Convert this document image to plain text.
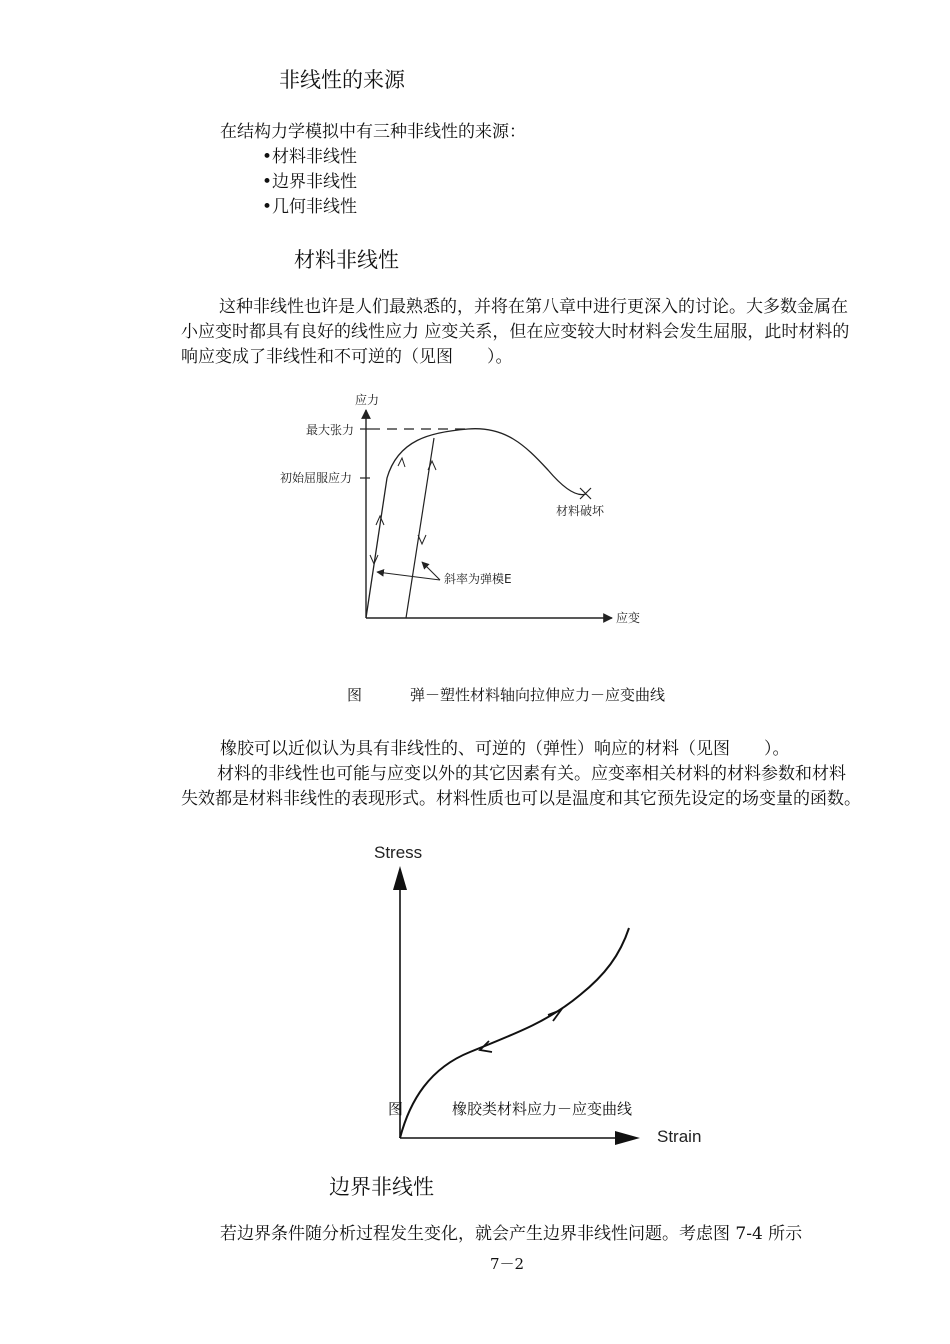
非线性的来源
在结构力学模拟中有三种非线性的来源：
•材料非线性
•边界非线性
•几何非线性
材料非线性
这种非线性也许是人们最熟悉的，并将在第八章中进行更深入的讨论。大多数金属在小应变时都具有良好的线性应力 应变关系，但在应变较大时材料会发生屈服，此时材料的响应变成了非线性和不可逆的（见图　　）。
应力
应变
最大张力
初始屈服应力
材料破坏
斜率为弹模E
图	弹－塑性材料轴向拉伸应力－应变曲线
橡胶可以近似认为具有非线性的、可逆的（弹性）响应的材料（见图　　）。
材料的非线性也可能与应变以外的其它因素有关。应变率相关材料的材料参数和材料失效都是材料非线性的表现形式。材料性质也可以是温度和其它预先设定的场变量的函数。
Stress
Strain
图	橡胶类材料应力－应变曲线
边界非线性
若边界条件随分析过程发生变化，就会产生边界非线性问题。考虑图 7-4 所示
7－2
